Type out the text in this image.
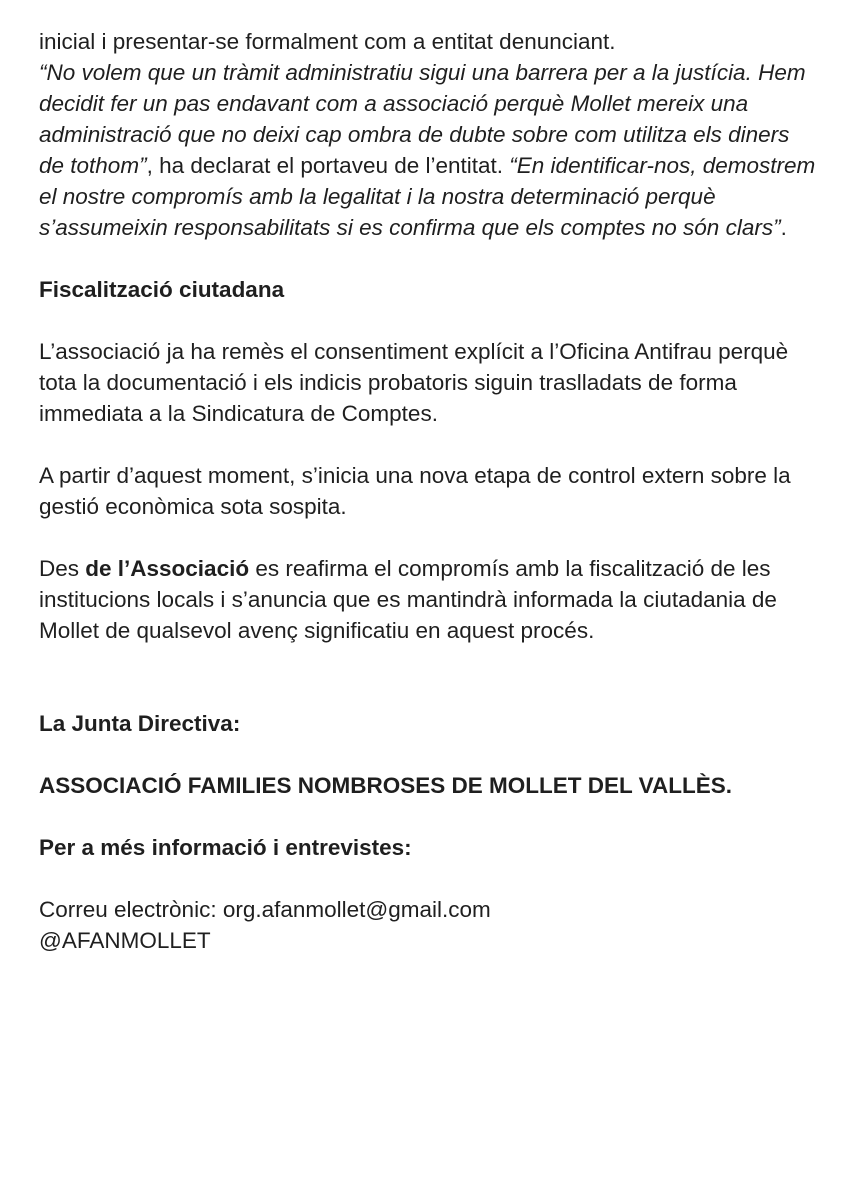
inicial i presentar-se formalment com a entitat denunciant.
“No volem que un tràmit administratiu sigui una barrera per a la justícia. Hem decidit fer un pas endavant com a associació perquè Mollet mereix una administració que no deixi cap ombra de dubte sobre com utilitza els diners de tothom”, ha declarat el portaveu de l’entitat. “En identificar-nos, demostrem el nostre compromís amb la legalitat i la nostra determinació perquè s’assumeixin responsabilitats si es confirma que els comptes no són clars”.

Fiscalització ciutadana

L’associació ja ha remès el consentiment explícit a l’Oficina Antifrau perquè tota la documentació i els indicis probatoris siguin traslladats de forma immediata a la Sindicatura de Comptes.

A partir d’aquest moment, s’inicia una nova etapa de control extern sobre la gestió econòmica sota sospita.

Des de l’Associació es reafirma el compromís amb la fiscalització de les institucions locals i s’anuncia que es mantindrà informada la ciutadania de Mollet de qualsevol avenç significatiu en aquest procés.

La Junta Directiva:

ASSOCIACIÓ FAMILIES NOMBROSES DE MOLLET DEL VALLÈS.

Per a més informació i entrevistes:

Correu electrònic: org.afanmollet@gmail.com
@AFANMOLLET
